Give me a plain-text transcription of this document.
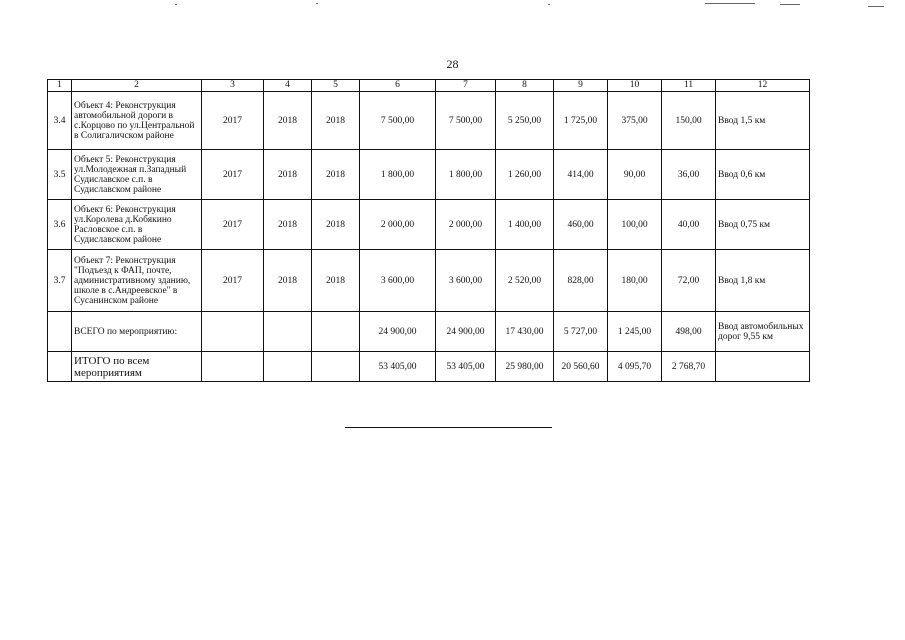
28
1	2	3	4	5	6	7	8	9	10	11	12
3.4	Объект 4: Реконструкция автомобильной дороги в с.Корцово по ул.Центральной в Солигаличском районе	2017	2018	2018	7 500,00	7 500,00	5 250,00	1 725,00	375,00	150,00	Ввод 1,5 км
3.5	Объект 5: Реконструкция ул.Молодежная п.Западный Судиславское с.п. в Судиславском районе	2017	2018	2018	1 800,00	1 800,00	1 260,00	414,00	90,00	36,00	Ввод 0,6 км
3.6	Объект 6: Реконструкция ул.Королева д.Кобякино Расловское с.п. в Судиславском районе	2017	2018	2018	2 000,00	2 000,00	1 400,00	460,00	100,00	40,00	Ввод 0,75 км
3.7	Объект 7: Реконструкция "Подъезд к ФАП, почте, административному зданию, школе в с.Андреевское" в Сусанинском районе	2017	2018	2018	3 600,00	3 600,00	2 520,00	828,00	180,00	72,00	Ввод 1,8 км
	ВСЕГО по мероприятию:				24 900,00	24 900,00	17 430,00	5 727,00	1 245,00	498,00	Ввод автомобильных дорог 9,55 км
	ИТОГО по всем мероприятиям				53 405,00	53 405,00	25 980,00	20 560,60	4 095,70	2 768,70	
